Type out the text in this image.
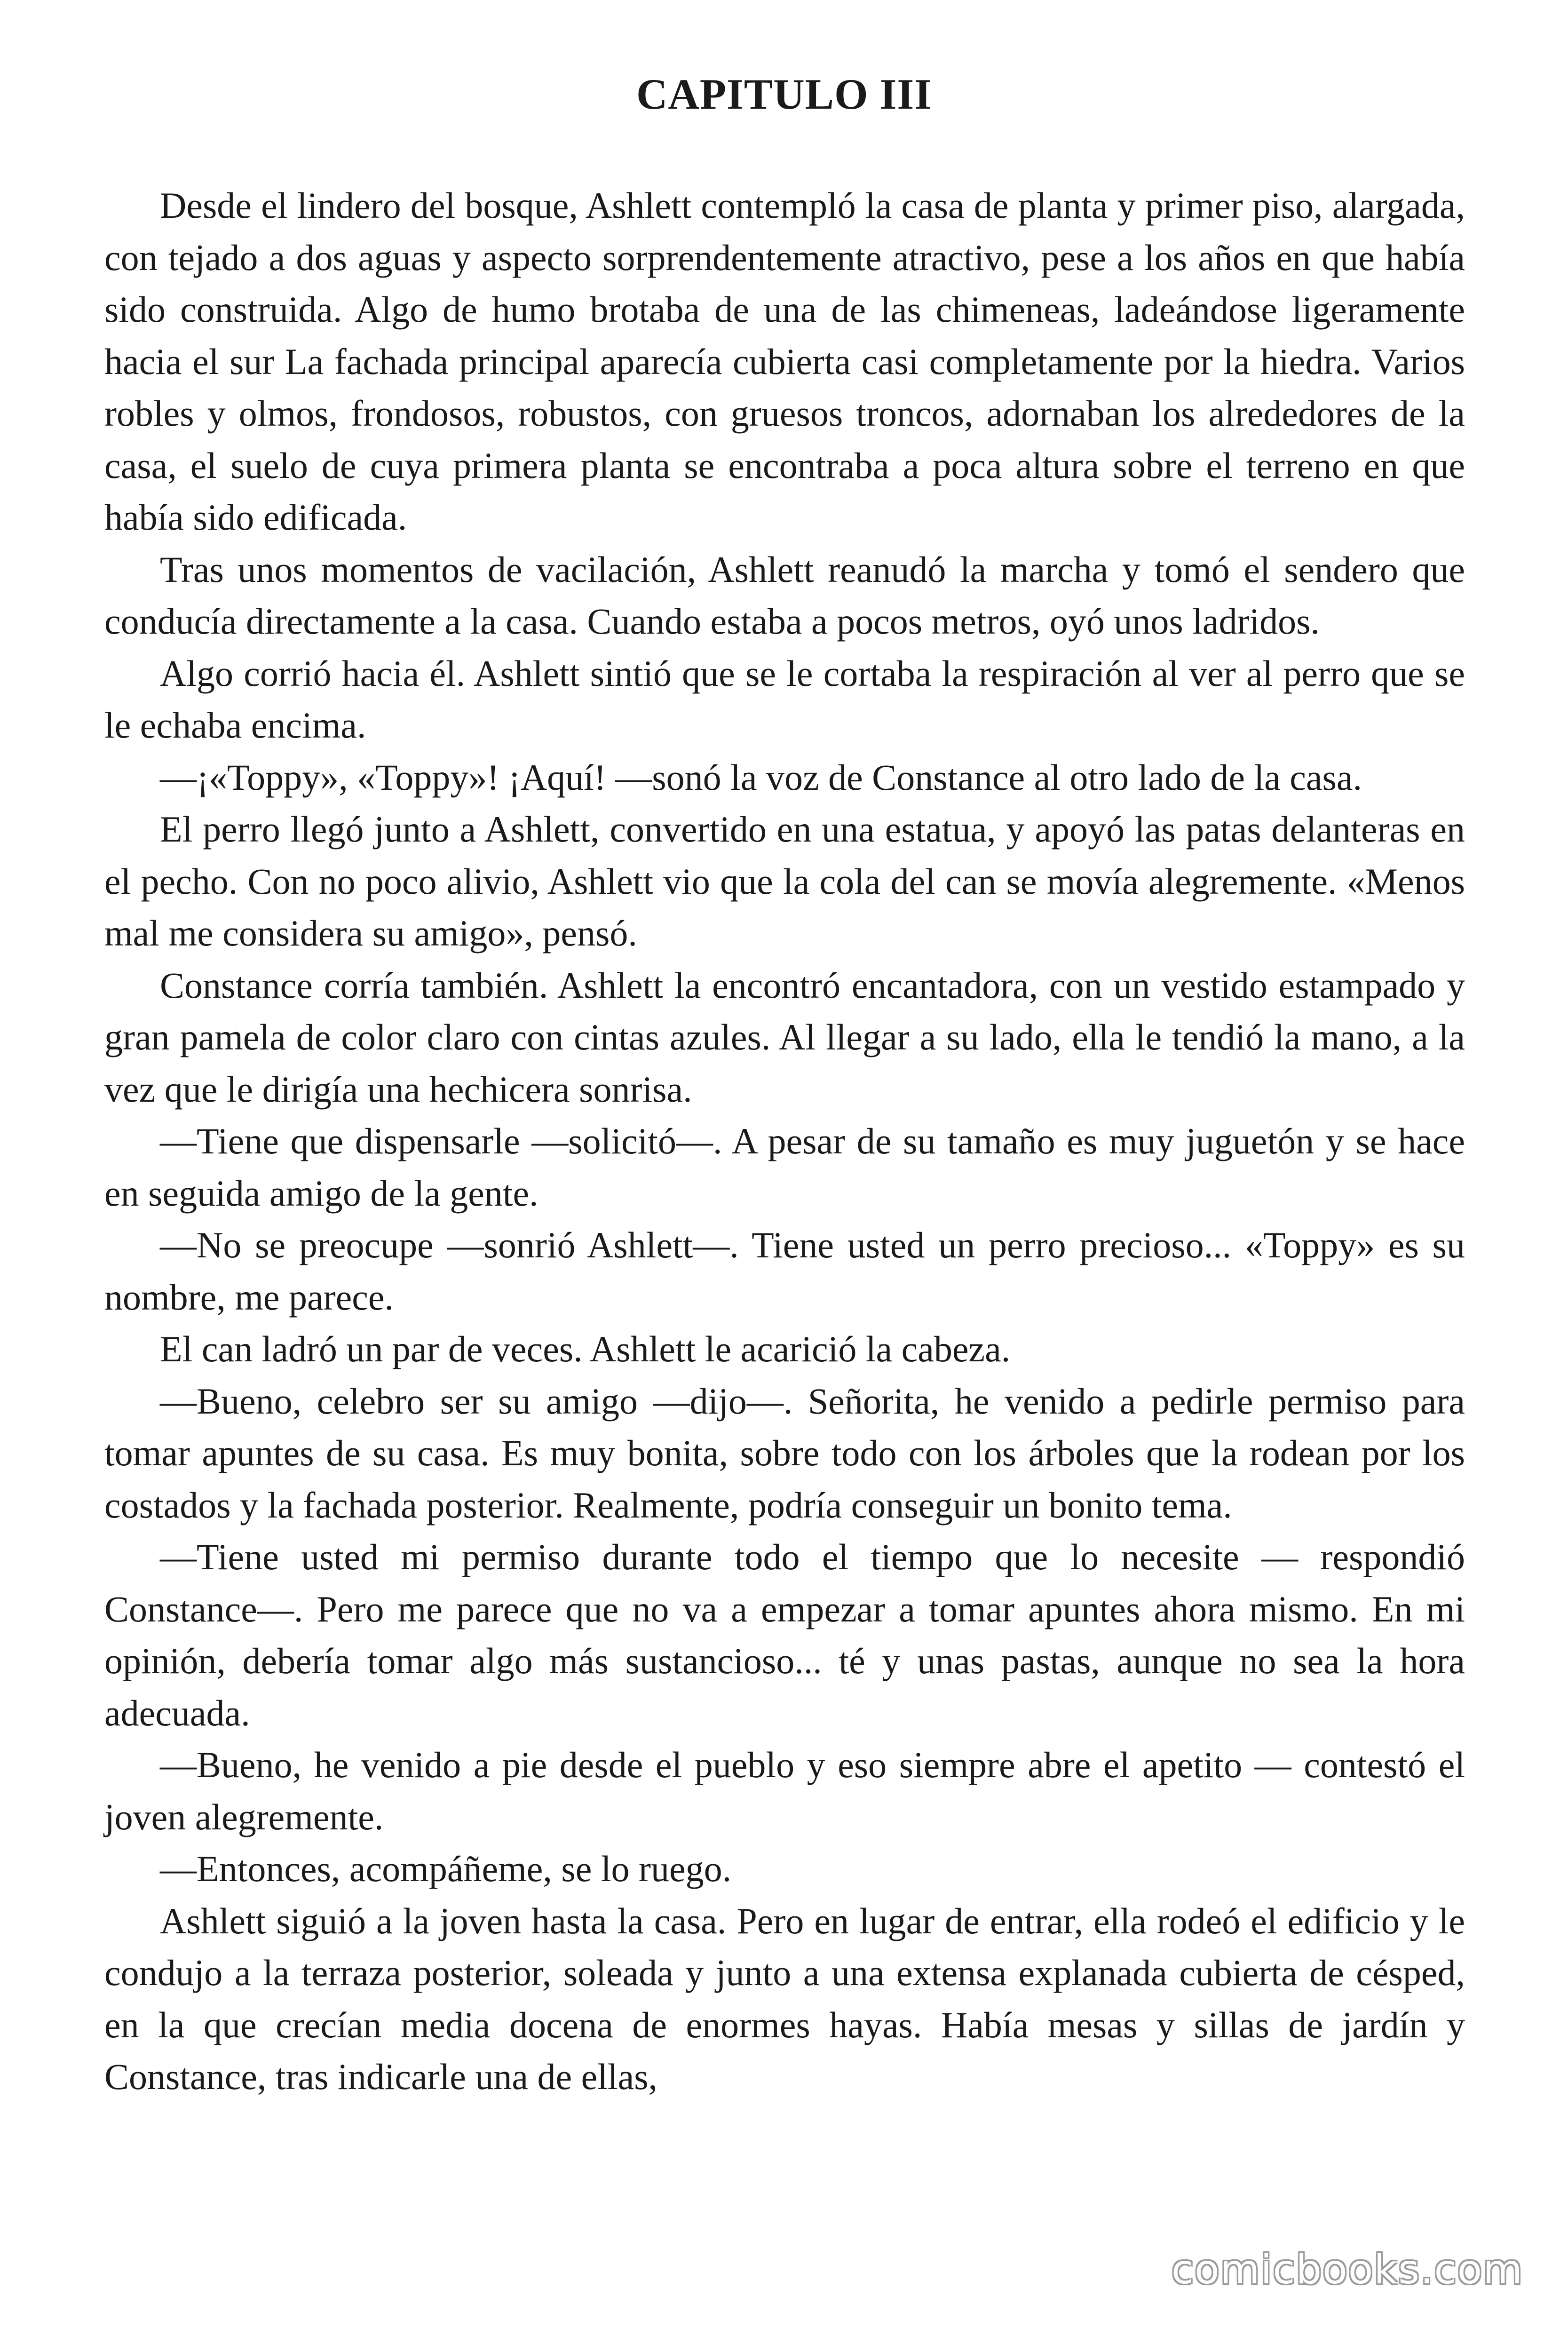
CAPITULO III

Desde el lindero del bosque, Ashlett contempló la casa de planta y primer piso, alargada, con tejado a dos aguas y aspecto sorprendentemente atractivo, pese a los años en que había sido construida. Algo de humo brotaba de una de las chimeneas, ladeándose ligeramente hacia el sur La fachada principal aparecía cubierta casi completamente por la hiedra. Varios robles y olmos, frondosos, robustos, con gruesos troncos, adornaban los alrededores de la casa, el suelo de cuya primera planta se encontraba a poca altura sobre el terreno en que había sido edificada.

Tras unos momentos de vacilación, Ashlett reanudó la marcha y tomó el sendero que conducía directamente a la casa. Cuando estaba a pocos metros, oyó unos ladridos.

Algo corrió hacia él. Ashlett sintió que se le cortaba la respiración al ver al perro que se le echaba encima.

—¡«Toppy», «Toppy»! ¡Aquí! —sonó la voz de Constance al otro lado de la casa.

El perro llegó junto a Ashlett, convertido en una estatua, y apoyó las patas delanteras en el pecho. Con no poco alivio, Ashlett vio que la cola del can se movía alegremente. «Menos mal me considera su amigo», pensó.

Constance corría también. Ashlett la encontró encantadora, con un vestido estampado y gran pamela de color claro con cintas azules. Al llegar a su lado, ella le tendió la mano, a la vez que le dirigía una hechicera sonrisa.

—Tiene que dispensarle —solicitó—. A pesar de su tamaño es muy juguetón y se hace en seguida amigo de la gente.

—No se preocupe —sonrió Ashlett—. Tiene usted un perro precioso... «Toppy» es su nombre, me parece.

El can ladró un par de veces. Ashlett le acarició la cabeza.

—Bueno, celebro ser su amigo —dijo—. Señorita, he venido a pedirle permiso para tomar apuntes de su casa. Es muy bonita, sobre todo con los árboles que la rodean por los costados y la fachada posterior. Realmente, podría conseguir un bonito tema.

—Tiene usted mi permiso durante todo el tiempo que lo necesite — respondió Constance—. Pero me parece que no va a empezar a tomar apuntes ahora mismo. En mi opinión, debería tomar algo más sustancioso... té y unas pastas, aunque no sea la hora adecuada.

—Bueno, he venido a pie desde el pueblo y eso siempre abre el apetito — contestó el joven alegremente.

—Entonces, acompáñeme, se lo ruego.

Ashlett siguió a la joven hasta la casa. Pero en lugar de entrar, ella rodeó el edificio y le condujo a la terraza posterior, soleada y junto a una extensa explanada cubierta de césped, en la que crecían media docena de enormes hayas. Había mesas y sillas de jardín y Constance, tras indicarle una de ellas,

comicbooks.com
